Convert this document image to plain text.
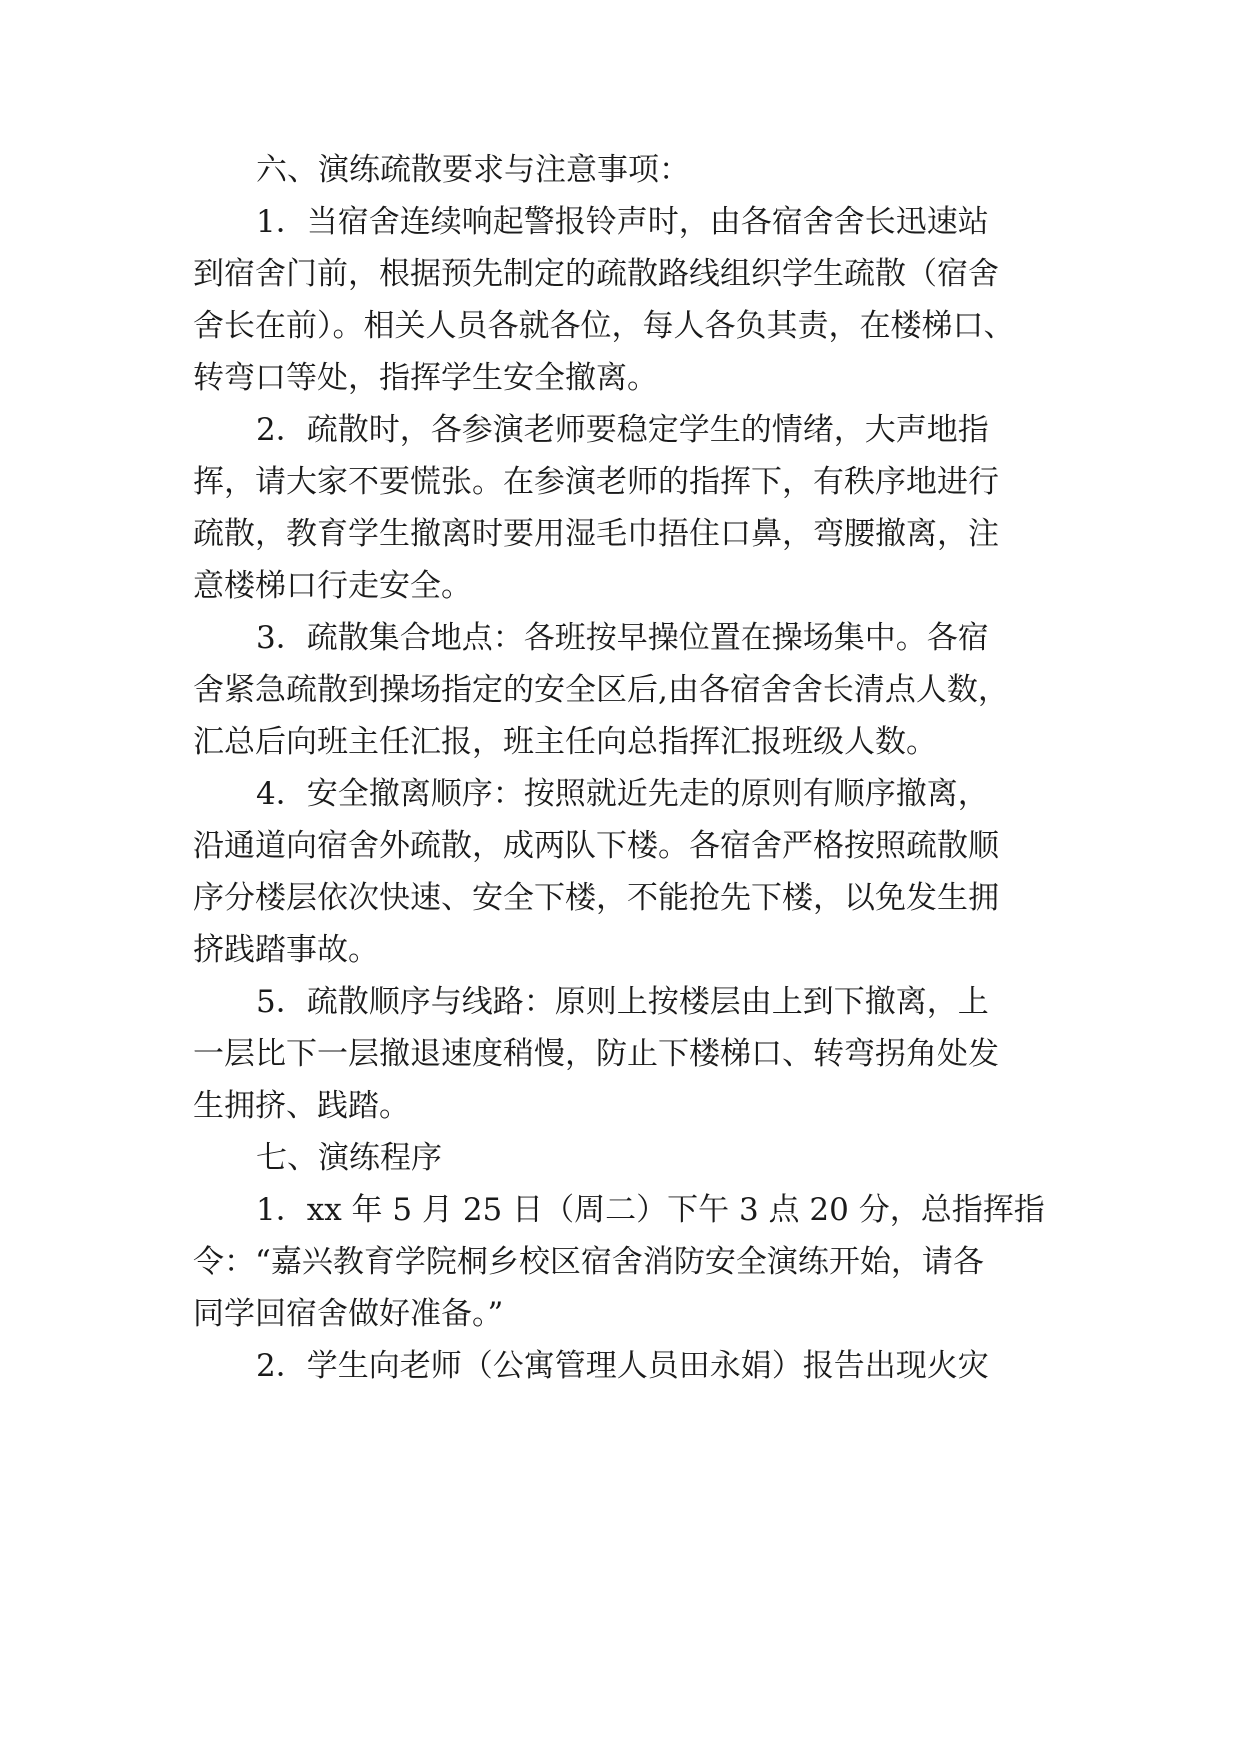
六、演练疏散要求与注意事项：
1．当宿舍连续响起警报铃声时，由各宿舍舍长迅速站
到宿舍门前，根据预先制定的疏散路线组织学生疏散（宿舍
舍长在前）。相关人员各就各位，每人各负其责，在楼梯口、
转弯口等处，指挥学生安全撤离。
2．疏散时，各参演老师要稳定学生的情绪，大声地指
挥，请大家不要慌张。在参演老师的指挥下，有秩序地进行
疏散，教育学生撤离时要用湿毛巾捂住口鼻，弯腰撤离，注
意楼梯口行走安全。
3．疏散集合地点：各班按早操位置在操场集中。各宿
舍紧急疏散到操场指定的安全区后,由各宿舍舍长清点人数，
汇总后向班主任汇报，班主任向总指挥汇报班级人数。
4．安全撤离顺序：按照就近先走的原则有顺序撤离，
沿通道向宿舍外疏散，成两队下楼。各宿舍严格按照疏散顺
序分楼层依次快速、安全下楼，不能抢先下楼，以免发生拥
挤践踏事故。
5．疏散顺序与线路：原则上按楼层由上到下撤离，上
一层比下一层撤退速度稍慢，防止下楼梯口、转弯拐角处发
生拥挤、践踏。
七、演练程序
1．xx 年 5 月 25 日（周二）下午 3 点 20 分，总指挥指
令：“嘉兴教育学院桐乡校区宿舍消防安全演练开始，请各
同学回宿舍做好准备。”
2．学生向老师（公寓管理人员田永娟）报告出现火灾
